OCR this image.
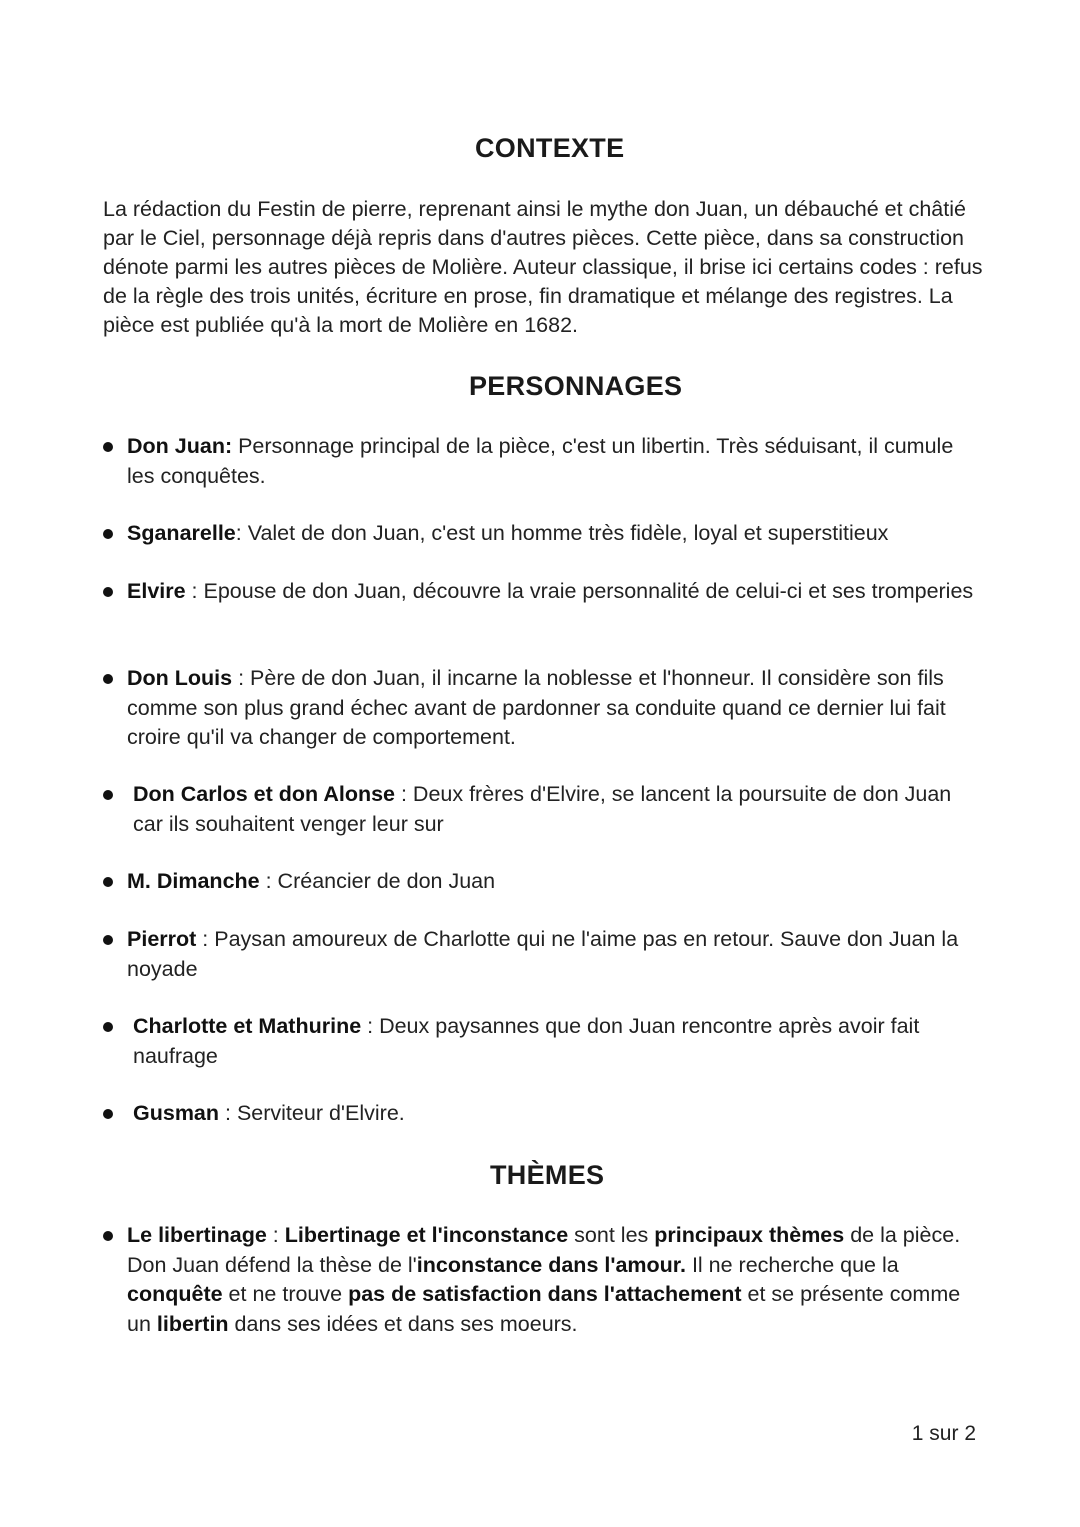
CONTEXTE
La rédaction du Festin de pierre, reprenant ainsi le mythe don Juan, un débauché et châtié par le Ciel, personnage déjà repris dans d'autres pièces. Cette pièce, dans sa construction dénote parmi les autres pièces de Molière. Auteur classique, il brise ici certains codes : refus de la règle des trois unités, écriture en prose, fin dramatique et mélange des registres. La pièce est publiée qu'à la mort de Molière en 1682.
PERSONNAGES
Don Juan: Personnage principal de la pièce, c'est un libertin. Très séduisant, il cumule les conquêtes.
Sganarelle: Valet de don Juan, c'est un homme très fidèle, loyal et superstitieux
Elvire : Epouse de don Juan, découvre la vraie personnalité de celui-ci et ses tromperies
Don Louis : Père de don Juan, il incarne la noblesse et l'honneur. Il considère son fils comme son plus grand échec avant de pardonner sa conduite quand ce dernier lui fait croire qu'il va changer de comportement.
Don Carlos et don Alonse : Deux frères d'Elvire, se lancent la poursuite de don Juan car ils souhaitent venger leur sur
M. Dimanche : Créancier de don Juan
Pierrot : Paysan amoureux de Charlotte qui ne l'aime pas en retour. Sauve don Juan la noyade
Charlotte et Mathurine : Deux paysannes que don Juan rencontre après avoir fait naufrage
Gusman : Serviteur d'Elvire.
THÈMES
Le libertinage : Libertinage et l'inconstance sont les principaux thèmes de la pièce. Don Juan défend la thèse de l'inconstance dans l'amour. Il ne recherche que la conquête et ne trouve pas de satisfaction dans l'attachement et se présente comme un libertin dans ses idées et dans ses moeurs.
1 sur 2
